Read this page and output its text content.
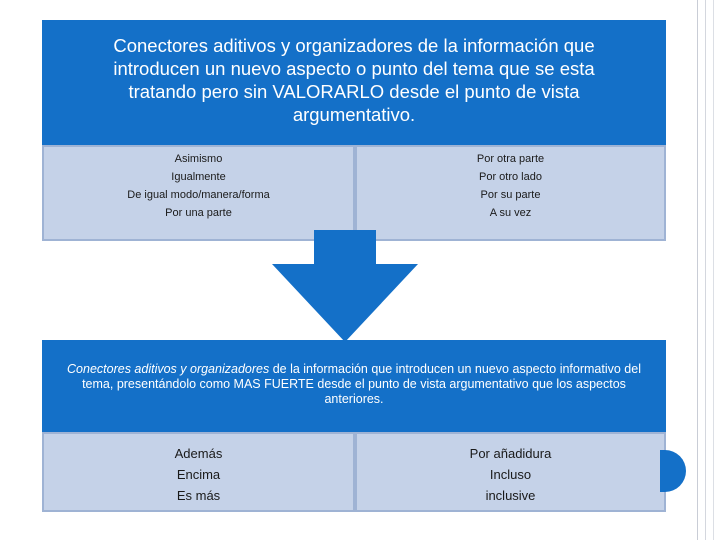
Conectores aditivos y organizadores de la información que
introducen un nuevo aspecto o punto del tema que se esta
tratando pero sin VALORARLO desde el punto de vista
argumentativo.
Asimismo
Igualmente
De igual modo/manera/forma
Por una parte
Por otra parte
Por otro lado
Por su parte
A su vez
Conectores aditivos y organizadores de la información que introducen un nuevo aspecto informativo del tema, presentándolo como MAS FUERTE desde el punto de vista argumentativo que los aspectos anteriores.
Además
Encima
Es más
Por añadidura
Incluso
inclusive
